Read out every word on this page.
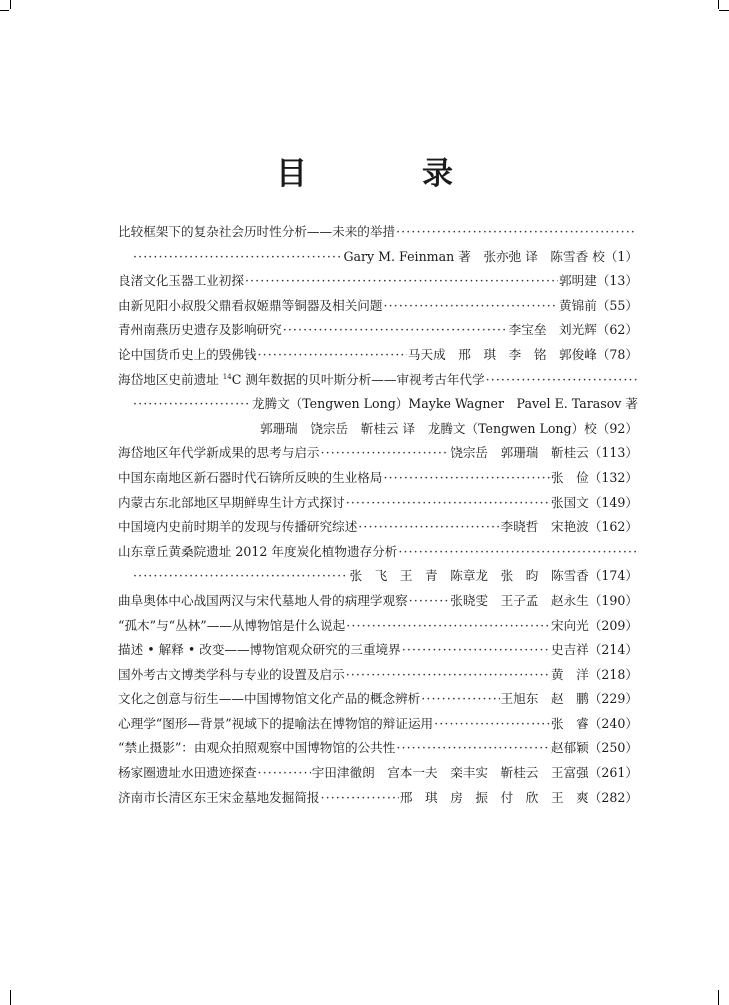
目　录
比较框架下的复杂社会历时性分析——未来的举措
·····
·····
Gary M. Feinman 著　张亦弛 译　陈雪香 校 （1）
良渚文化玉器工业初探 ·····	郭明建 （13）
由新见阳小叔殷父鼎看叔姬鼎等铜器及相关问题 ·····	黄锦前 （55）
青州南燕历史遗存及影响研究 ·····	李宝垒　刘光辉 （62）
论中国货币史上的毁佛钱 ·····	马天成　邢　琪　李　铭　郭俊峰 （78）
海岱地区史前遗址 $^{14}$C 测年数据的贝叶斯分析——审视考古年代学
·····
·····
龙腾文（Tengwen Long）Mayke Wagner　Pavel E. Tarasov 著
郭珊瑞　饶宗岳　靳桂云 译　龙腾文（Tengwen Long）校 （92）
海岱地区年代学新成果的思考与启示 ·····	饶宗岳　郭珊瑞　靳桂云 （113）
中国东南地区新石器时代石锛所反映的生业格局 ·····	张　俭 （132）
内蒙古东北部地区早期鲜卑生计方式探讨 ·····	张国文 （149）
中国境内史前时期羊的发现与传播研究综述 ·····	李晓哲　宋艳波 （162）
山东章丘黄桑院遗址 2012 年度炭化植物遗存分析
·····
·····
张　飞　王　青　陈章龙　张　昀　陈雪香 （174）
曲阜奥体中心战国两汉与宋代墓地人骨的病理学观察 ·····	张晓雯　王子孟　赵永生 （190）
“孤木”与“丛林”——从博物馆是什么说起 ·····	宋向光 （209）
描述 • 解释 • 改变——博物馆观众研究的三重境界 ·····	史吉祥 （214）
国外考古文博类学科与专业的设置及启示 ·····	黄　洋 （218）
文化之创意与衍生——中国博物馆文化产品的概念辨析 ·····	王旭东　赵　鹏 （229）
心理学“图形—背景”视域下的提喻法在博物馆的辩证运用 ·····	张　睿 （240）
“禁止摄影”：由观众拍照观察中国博物馆的公共性 ·····	赵郁颖 （250）
杨家圈遗址水田遗迹探查 ·····	宇田津徹朗　宫本一夫　栾丰实　靳桂云　王富强 （261）
济南市长清区东王宋金墓地发掘简报 ·····	邢　琪　房　振　付　欣　王　爽 （282）
